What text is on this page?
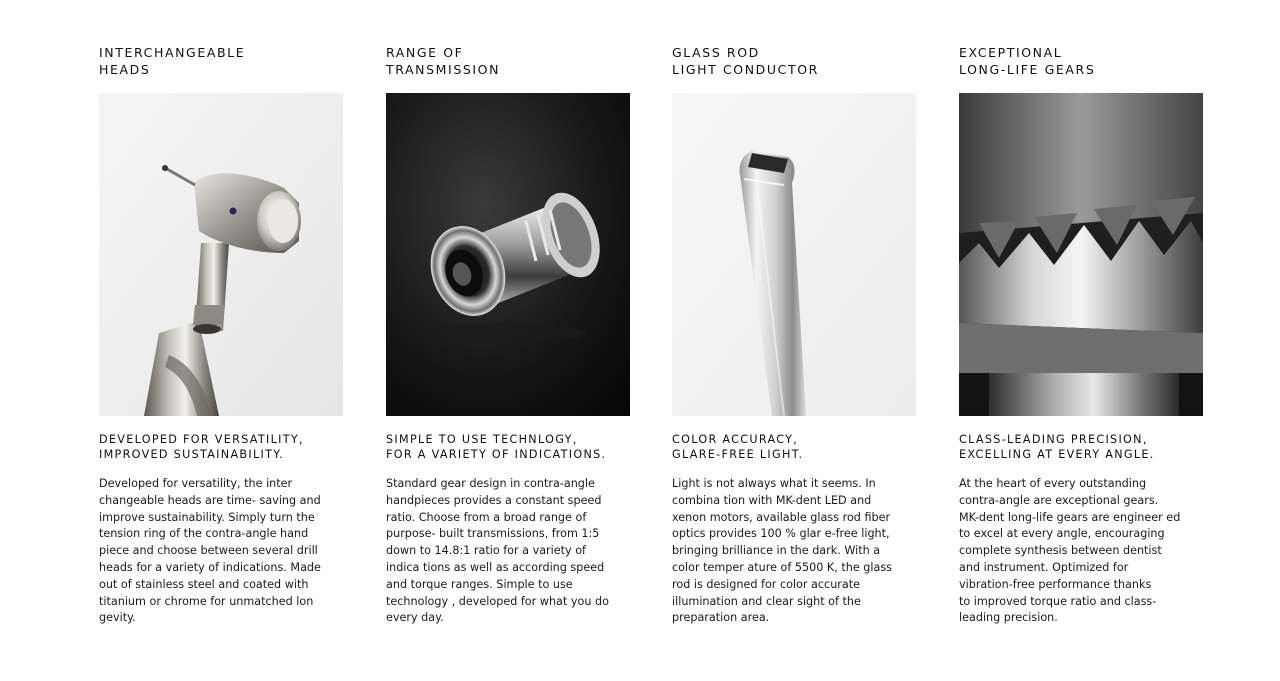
INTERCHANGEABLE
HEADS
DEVELOPED FOR VERSATILITY,
IMPROVED SUSTAINABILITY.

Developed for versatility, the inter
changeable heads are time- saving and
improve sustainability. Simply turn the
tension ring of the contra-angle hand
piece and choose between several drill
heads for a variety of indications. Made
out of stainless steel and coated with
titanium or chrome for unmatched lon
gevity.

RANGE OF
TRANSMISSION
SIMPLE TO USE TECHNLOGY,
FOR A VARIETY OF INDICATIONS.

Standard gear design in contra-angle
handpieces provides a constant speed
ratio. Choose from a broad range of
purpose- built transmissions, from 1:5
down to 14.8:1 ratio for a variety of
indica tions as well as according speed
and torque ranges. Simple to use
technology , developed for what you do
every day.

GLASS ROD
LIGHT CONDUCTOR
COLOR ACCURACY,
GLARE-FREE LIGHT.

Light is not always what it seems. In
combina tion with MK-dent LED and
xenon motors, available glass rod fiber
optics provides 100 % glar e-free light,
bringing brilliance in the dark. With a
color temper ature of 5500 K, the glass
rod is designed for color accurate
illumination and clear sight of the
preparation area.

EXCEPTIONAL
LONG-LIFE GEARS
CLASS-LEADING PRECISION,
EXCELLING AT EVERY ANGLE.

At the heart of every outstanding
contra-angle are exceptional gears.
MK-dent long-life gears are engineer ed
to excel at every angle, encouraging
complete synthesis between dentist
and instrument. Optimized for
vibration-free performance thanks
to improved torque ratio and class-
leading precision.
